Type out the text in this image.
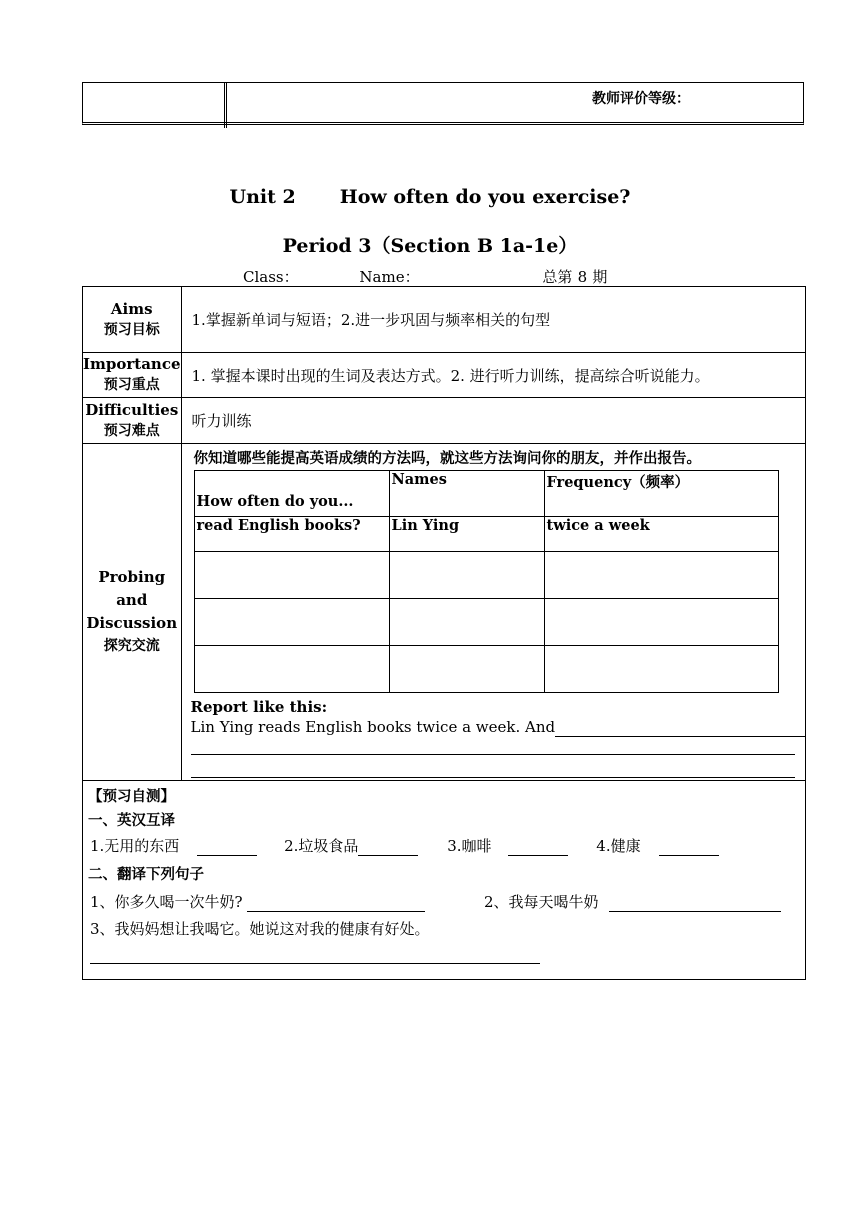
教师评价等级：
Unit 2 How often do you exercise?
Period 3（Section B 1a-1e）
Class：	Name：	总第 8 期
Aims
预习目标
	1.掌握新单词与短语；2.进一步巩固与频率相关的句型

Importance
预习重点
	1. 掌握本课时出现的生词及表达方式。2. 进行听力训练，提高综合听说能力。

Difficulties
预习难点
	听力训练

Probing
and
Discussion
探究交流

你知道哪些能提高英语成绩的方法吗，就这些方法询问你的朋友，并作出报告。
How often do you...	Names	Frequency（频率）
read English books?	Lin Ying	twice a week

Report like this:
Lin Ying reads English books twice a week. And
【预习自测】
一、英汉互译
1.无用的东西	2.垃圾食品	3.咖啡	4.健康
二、翻译下列句子
1、你多久喝一次牛奶?	2、我每天喝牛奶
3、我妈妈想让我喝它。她说这对我的健康有好处。
